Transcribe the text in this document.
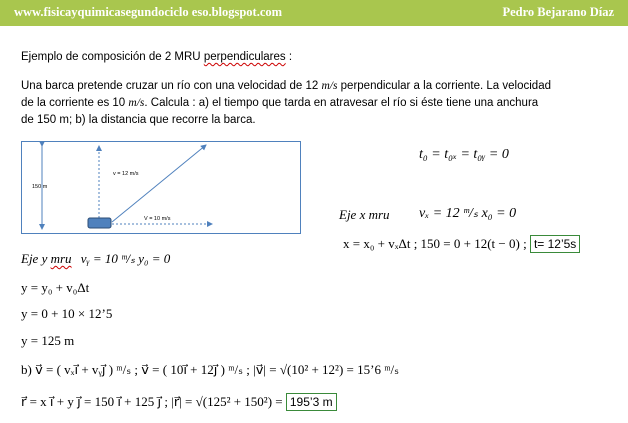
www.fisicayquimicasegundociclo eso.blogspot.com	Pedro Bejarano Díaz
Ejemplo de composición de 2 MRU perpendiculares :
Una barca pretende cruzar un río con una velocidad de 12 m/s perpendicular a la corriente. La velocidad
de la corriente es 10 m/s. Calcula : a) el tiempo que tarda en atravesar el río si éste tiene una anchura
de 150 m; b) la distancia que recorre la barca.
150 m
v = 12 m/s
V = 10 m/s
t₀ = t₀ₓ = t₀ᵧ = 0
Eje x mru vₓ = 12 ᵐ/ₛ x₀ = 0
x = x₀ + vₓΔt ; 150 = 0 + 12(t − 0) ; t= 12’5s
Eje y mru vᵧ = 10 ᵐ/ₛ y₀ = 0
y = y₀ + v₀Δt
y = 0 + 10 × 12’5
y = 125 m
b) v⃗ = ( vₓı⃗ + vᵧȷ⃗ ) ᵐ/ₛ ; v⃗ = ( 10ı⃗ + 12ȷ⃗ ) ᵐ/ₛ ; |v⃗| = √(10² + 12²) = 15’6 ᵐ/ₛ
r⃗ = x ı⃗ + y ȷ⃗ = 150 ı⃗ + 125 ȷ⃗ ; |r⃗| = √(125² + 150²) = 195’3 m
